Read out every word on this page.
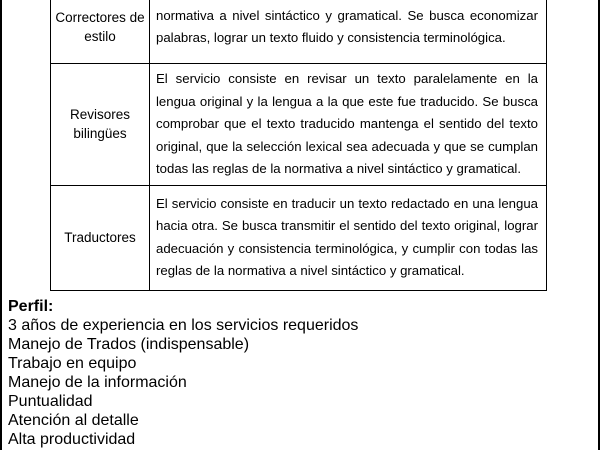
Correctores de estilo	normativa a nivel sintáctico y gramatical. Se busca economizar palabras, lograr un texto fluido y consistencia terminológica.
Revisores bilingües	El servicio consiste en revisar un texto paralelamente en la lengua original y la lengua a la que este fue traducido. Se busca comprobar que el texto traducido mantenga el sentido del texto original, que la selección lexical sea adecuada y que se cumplan todas las reglas de la normativa a nivel sintáctico y gramatical.
Traductores	El servicio consiste en traducir un texto redactado en una lengua hacia otra. Se busca transmitir el sentido del texto original, lograr adecuación y consistencia terminológica, y cumplir con todas las reglas de la normativa a nivel sintáctico y gramatical.

Perfil:

3 años de experiencia en los servicios requeridos
Manejo de Trados (indispensable)
Trabajo en equipo
Manejo de la información
Puntualidad
Atención al detalle
Alta productividad
